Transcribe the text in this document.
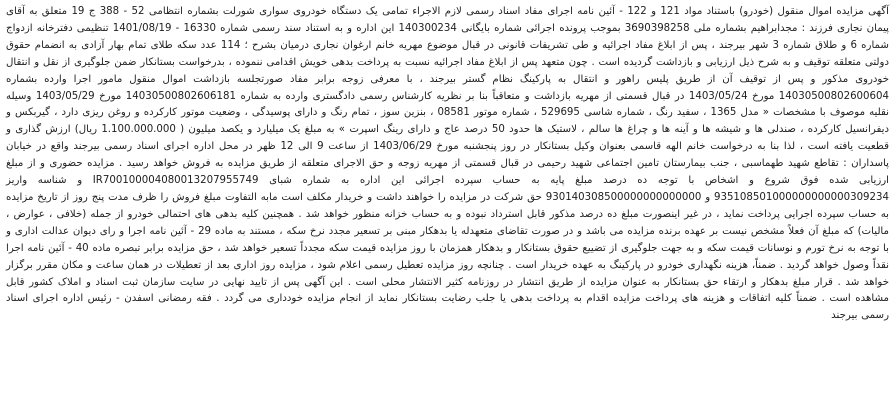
آگهی مزایده اموال منقول (خودرو) باستناد مواد 121 و 122 - آئین نامه اجرای مفاد اسناد رسمی لازم الاجراء تمامی یک دستگاه خودروی سواری شورلت بشماره انتظامی 52 - 388 ج 19 متعلق به آقای پیمان نجاری فرزند : مجدابراهیم بشماره ملی 3690398258 بموجب پرونده اجرائی شماره بایگانی 140300234 این اداره و به استناد سند رسمی شماره 16330 - 1401/08/19 تنظیمی دفترخانه ازدواج شماره 6 و طلاق شماره 3 شهر بیرجند ، پس از ابلاغ مفاد اجرائیه و طی تشریفات قانونی در قبال موضوع مهریه خانم ارغوان نجاری درمیان بشرح ؛ 114 عدد سکه طلای تمام بهار آزادی به انضمام حقوق دولتی متعلقه توقیف و به شرح ذیل ارزیابی و بازداشت گردیده است . چون متعهد پس از ابلاغ مفاد اجرائیه نسبت به پرداخت بدهی خویش اقدامی ننموده ، بدرخواست بستانکار ضمن جلوگیری از نقل و انتقال خودروی مذکور و پس از توقیف آن از طریق پلیس راهور و انتقال به پارکینگ نظام گستر بیرجند ، با معرفی زوجه برابر مفاد صورتجلسه بازداشت اموال منقول مامور اجرا وارده بشماره 14030500802600604 مورخ 1403/05/24 در قبال قسمتی از مهریه بازداشت و متعاقباً بنا بر نظریه کارشناس رسمی دادگستری وارده به شماره 14030500802606181 مورخ 1403/05/29 وسیله نقلیه موصوف با مشخصات « مدل 1365 ، سفید رنگ ، شماره شاسی 529695 ، شماره موتور 08581 ، بنزین سوز ، تمام رنگ و دارای پوسیدگی ، وضعیت موتور کارکرده و روغن ریزی دارد ، گیربکس و دیفرانسیل کارکرده ، صندلی ها و شیشه ها و آینه ها و چراغ ها سالم ، لاستیک ها حدود 50 درصد عاج و دارای رینگ اسپرت » به مبلغ یک میلیارد و یکصد میلیون ( 1.100.000.000 ریال) ارزش گذاری و قطعیت یافته است ، لذا بنا به درخواست خانم الهه قاسمی بعنوان وکیل بستانکار در روز پنجشنبه مورخ 1403/06/29 از ساعت 9 الی 12 ظهر در محل اداره اجرای اسناد رسمی بیرجند واقع در خیابان پاسداران : تقاطع شهید طهماسبی ، جنب بیمارستان تامین اجتماعی شهید رحیمی در قبال قسمتی از مهریه زوجه و حق الاجرای متعلقه از طریق مزایده به فروش خواهد رسید . مزایده حضوری و از مبلغ ارزیابی شده فوق شروع و اشخاص با توجه ده درصد مبلغ پایه به حساب سپرده اجرائی این اداره به شماره شبای IR700100004080013207955749 و شناسه واریز 935108501000000000000309234 و 930140308500000000000000 حق شرکت در مزایده را خواهند داشت و خریدار مکلف است مابه التفاوت مبلغ فروش را ظرف مدت پنج روز از تاریخ مزایده به حساب سپرده اجرایی پرداخت نماید ، در غیر اینصورت مبلغ ده درصد مذکور قابل استرداد نبوده و به حساب خزانه منظور خواهد شد . همچنین کلیه بدهی های احتمالی خودرو از جمله (خلافی ، عوارض ، مالیات) که مبلغ آن فعلاً مشخص نیست بر عهده برنده مزایده می باشد و در صورت تقاضای متعهدله یا بدهکار مبنی بر تسعیر مجدد نرخ سکه ، مستند به ماده 29 - آئین نامه اجرا و رای دیوان عدالت اداری و با توجه به نرخ تورم و نوسانات قیمت سکه و به جهت جلوگیری از تضییع حقوق بستانکار و بدهکار همزمان با روز مزایده قیمت سکه مجدداً تسعیر خواهد شد ، حق مزایده برابر تبصره ماده 40 - آئین نامه اجرا نقداً وصول خواهد گردید . ضمناً، هزینه نگهداری خودرو در پارکینگ به عهده خریدار است . چنانچه روز مزایده تعطیل رسمی اعلام شود ، مزایده روز اداری بعد از تعطیلات در همان ساعت و مکان مقرر برگزار خواهد شد . قرار مبلغ بدهکار و ارتقاء حق بستانکار به عنوان مزایده از طریق انتشار در روزنامه کثیر الانتشار محلی است . این آگهی پس از تایید نهایی در سایت سازمان ثبت اسناد و املاک کشور قابل مشاهده است . ضمناً کلیه اتفاقات و هزینه های پرداخت مزایده اقدام به پرداخت بدهی یا جلب رضایت بستانکار نماید از انجام مزایده خودداری می گردد . فقه رمضانی اسفدن - رئیس اداره اجرای اسناد رسمی بیرجند
